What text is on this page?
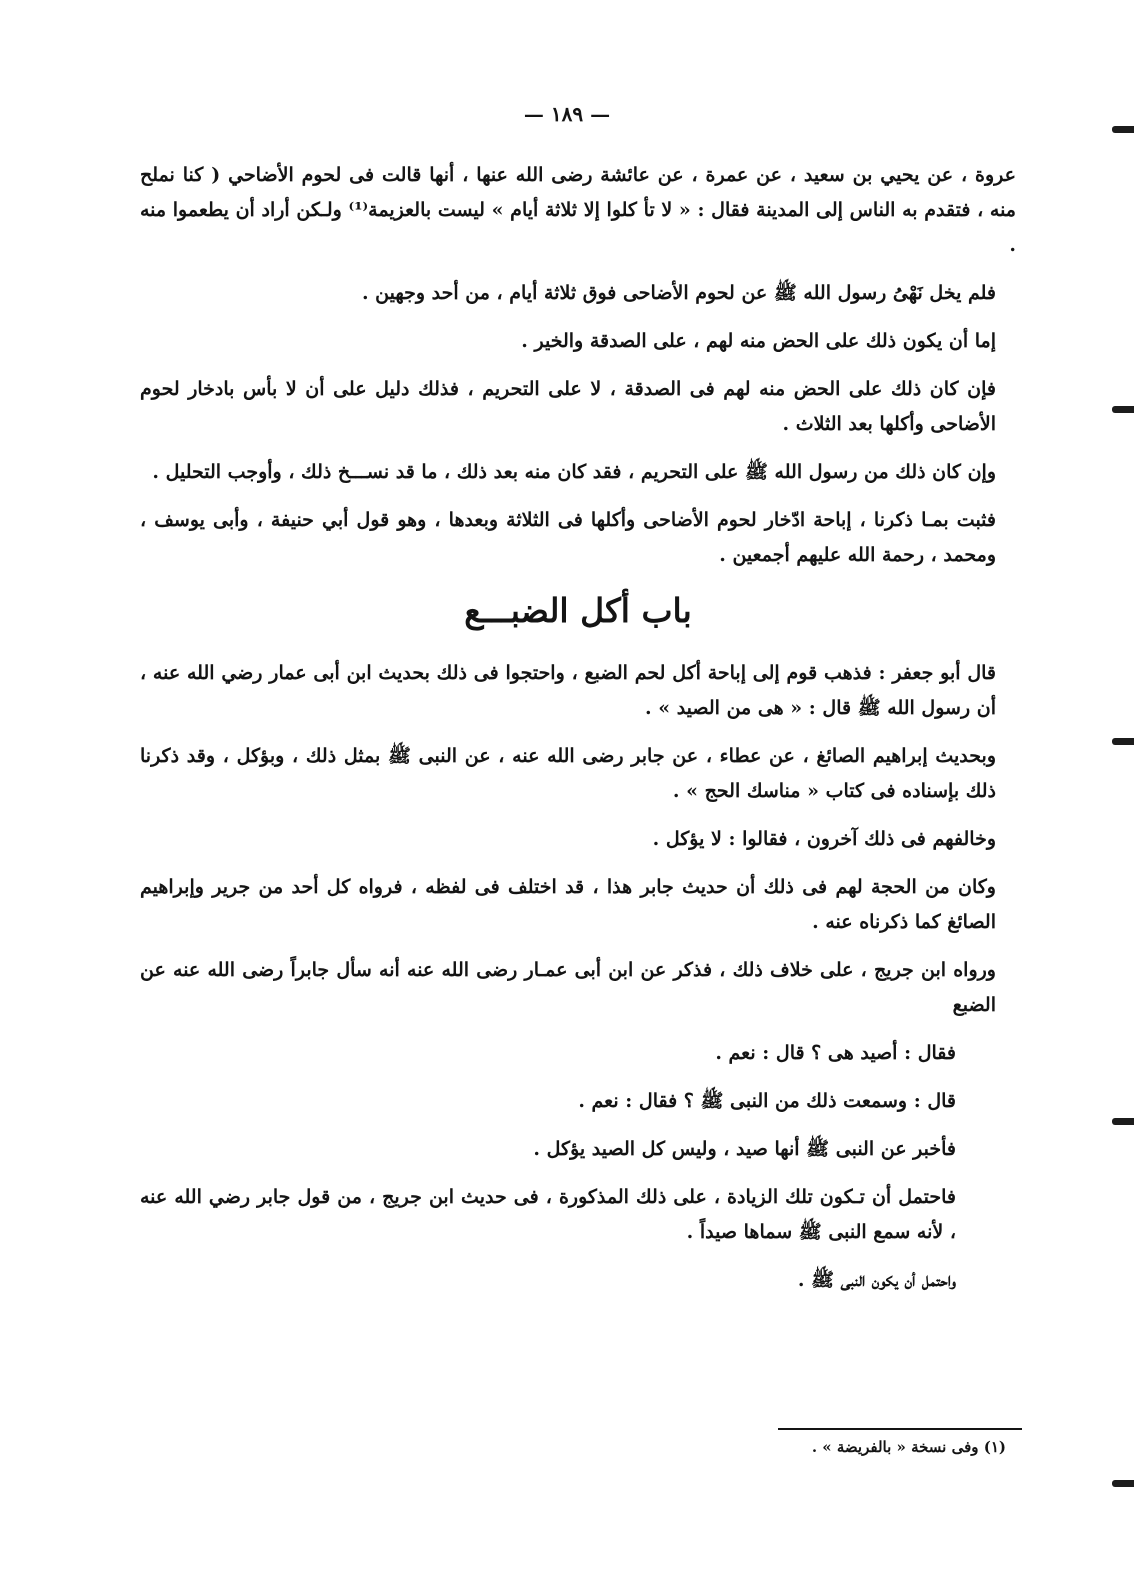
— ١٨٩ —

عروة ، عن يحيي بن سعيد ، عن عمرة ، عن عائشة رضى الله عنها ، أنها قالت فى لحوم الأضاحي ( كنا نملح منه ، فتقدم به الناس إلى المدينة فقال : « لا تأ كلوا إلا ثلاثة أيام » ليست بالعزيمة⁽¹⁾ ولـكن أراد أن يطعموا منه .

فلم يخل نَهْىُ رسول الله ﷺ عن لحوم الأضاحى فوق ثلاثة أيام ، من أحد وجهين .

إما أن يكون ذلك على الحض منه لهم ، على الصدقة والخير .

فإن كان ذلك على الحض منه لهم فى الصدقة ، لا على التحريم ، فذلك دليل على أن لا بأس بادخار لحوم الأضاحى وأكلها بعد الثلاث .

وإن كان ذلك من رسول الله ﷺ على التحريم ، فقد كان منه بعد ذلك ، ما قد نســـخ ذلك ، وأوجب التحليل .

فثبت بمـا ذكرنا ، إباحة ادّخار لحوم الأضاحى وأكلها فى الثلاثة وبعدها ، وهو قول أبي حنيفة ، وأبى يوسف ، ومحمد ، رحمة الله عليهم أجمعين .

باب أكل الضبـــع

قال أبو جعفر : فذهب قوم إلى إباحة أكل لحم الضبع ، واحتجوا فى ذلك بحديث ابن أبى عمار رضي الله عنه ، أن رسول الله ﷺ قال : « هى من الصيد » .

وبحديث إبراهيم الصائغ ، عن عطاء ، عن جابر رضى الله عنه ، عن النبى ﷺ بمثل ذلك ، وبؤكل ، وقد ذكرنا ذلك بإسناده فى كتاب « مناسك الحج » .

وخالفهم فى ذلك آخرون ، فقالوا : لا يؤكل .

وكان من الحجة لهم فى ذلك أن حديث جابر هذا ، قد اختلف فى لفظه ، فرواه كل أحد من جرير وإبراهيم الصائغ كما ذكرناه عنه .

ورواه ابن جريج ، على خلاف ذلك ، فذكر عن ابن أبى عمـار رضى الله عنه أنه سأل جابراً رضى الله عنه عن الضبع

فقال : أصيد هى ؟ قال : نعم .

قال : وسمعت ذلك من النبى ﷺ ؟ فقال : نعم .

فأخبر عن النبى ﷺ أنها صيد ، وليس كل الصيد يؤكل .

فاحتمل أن تـكون تلك الزيادة ، على ذلك المذكورة ، فى حديث ابن جريج ، من قول جابر رضي الله عنه ، لأنه سمع النبى ﷺ سماها صيداً .

واحتمل أن يكون النبى ﷺ .

(١) وفى نسخة « بالفريضة » .
